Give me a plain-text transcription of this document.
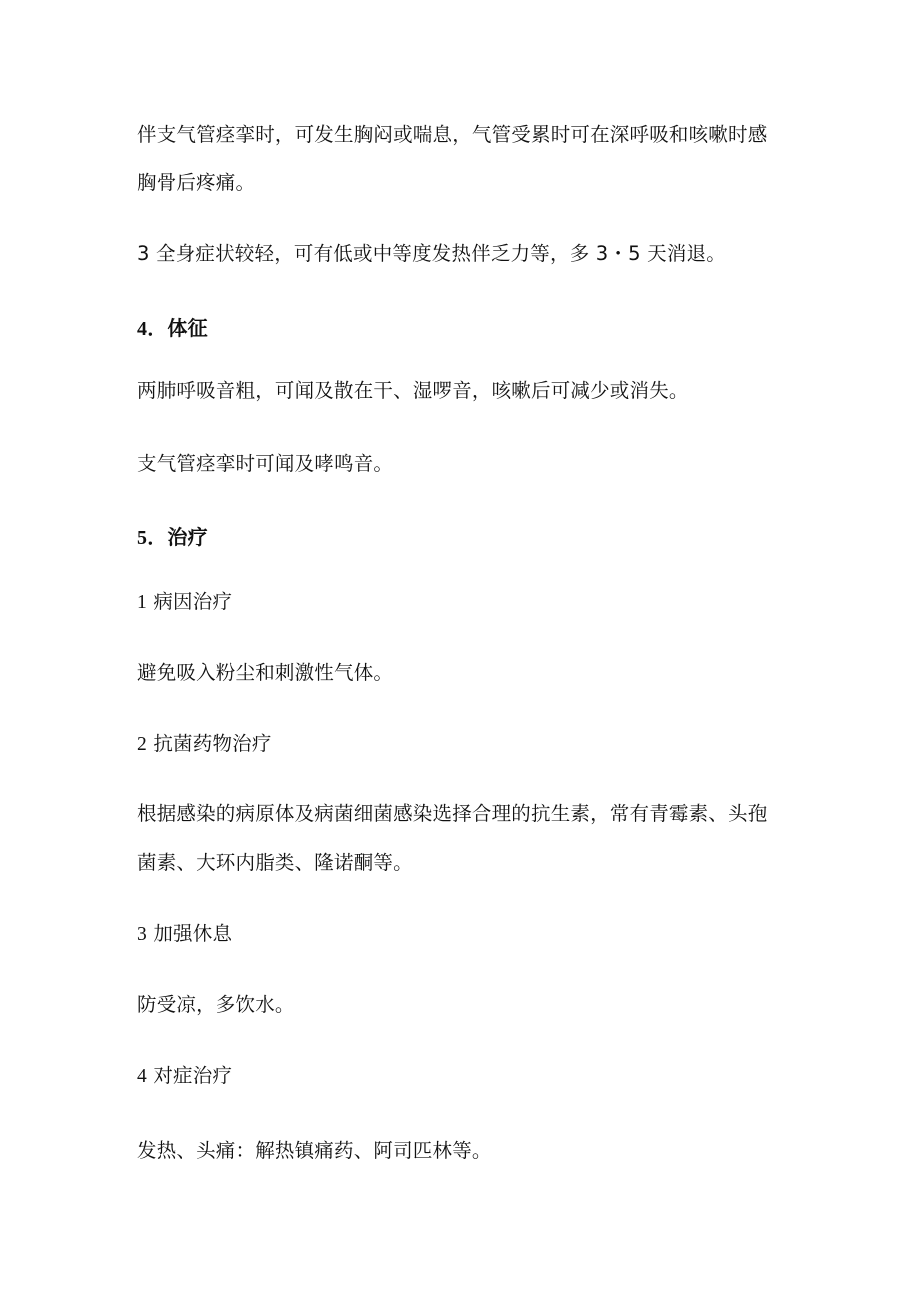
伴支气管痉挛时，可发生胸闷或喘息，气管受累时可在深呼吸和咳嗽时感
胸骨后疼痛。
3 全身症状较轻，可有低或中等度发热伴乏力等，多 3・5 天消退。
4．体征
两肺呼吸音粗，可闻及散在干、湿啰音，咳嗽后可减少或消失。
支气管痉挛时可闻及哮鸣音。
5．治疗
1 病因治疗
避免吸入粉尘和刺激性气体。
2 抗菌药物治疗
根据感染的病原体及病菌细菌感染选择合理的抗生素，常有青霉素、头孢
菌素、大环内脂类、隆诺酮等。
3 加强休息
防受凉，多饮水。
4 对症治疗
发热、头痛：解热镇痛药、阿司匹林等。
